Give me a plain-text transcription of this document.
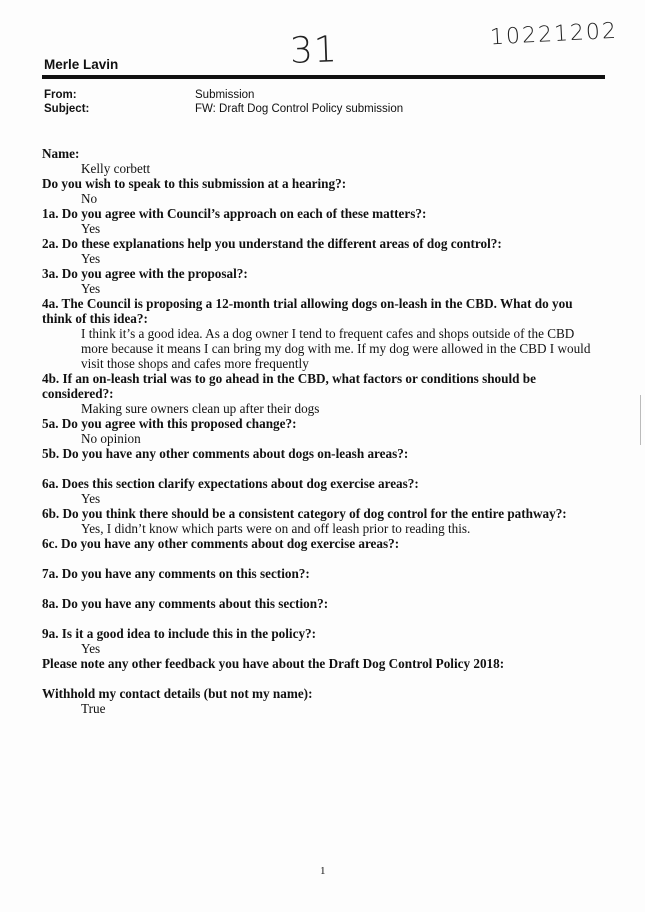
31	10221202
Merle Lavin
From:	Submission
Subject:	FW: Draft Dog Control Policy submission
Name:
Kelly corbett
Do you wish to speak to this submission at a hearing?:
No
1a. Do you agree with Council’s approach on each of these matters?:
Yes
2a. Do these explanations help you understand the different areas of dog control?:
Yes
3a. Do you agree with the proposal?:
Yes
4a. The Council is proposing a 12-month trial allowing dogs on-leash in the CBD. What do you think of this idea?:
I think it’s a good idea. As a dog owner I tend to frequent cafes and shops outside of the CBD more because it means I can bring my dog with me. If my dog were allowed in the CBD I would visit those shops and cafes more frequently
4b. If an on-leash trial was to go ahead in the CBD, what factors or conditions should be considered?:
Making sure owners clean up after their dogs
5a. Do you agree with this proposed change?:
No opinion
5b. Do you have any other comments about dogs on-leash areas?:
6a. Does this section clarify expectations about dog exercise areas?:
Yes
6b. Do you think there should be a consistent category of dog control for the entire pathway?:
Yes, I didn’t know which parts were on and off leash prior to reading this.
6c. Do you have any other comments about dog exercise areas?:
7a. Do you have any comments on this section?:
8a. Do you have any comments about this section?:
9a. Is it a good idea to include this in the policy?:
Yes
Please note any other feedback you have about the Draft Dog Control Policy 2018:
Withhold my contact details (but not my name):
True
1
